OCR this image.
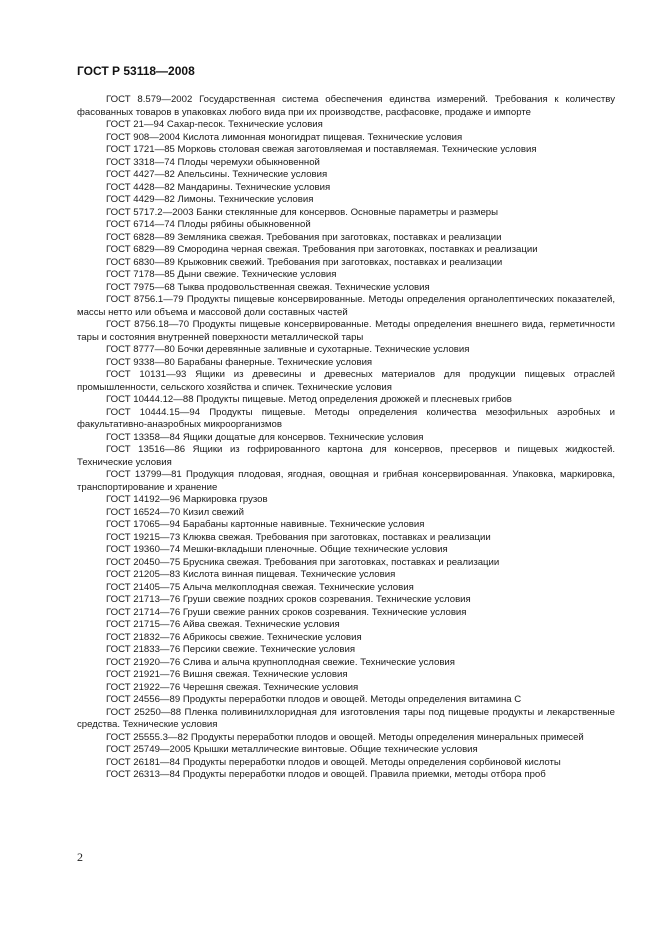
ГОСТ Р 53118—2008

ГОСТ 8.579—2002 Государственная система обеспечения единства измерений. Требования к количеству фасованных товаров в упаковках любого вида при их производстве, расфасовке, продаже и импорте

ГОСТ 21—94 Сахар-песок. Технические условия

ГОСТ 908—2004 Кислота лимонная моногидрат пищевая. Технические условия

ГОСТ 1721—85 Морковь столовая свежая заготовляемая и поставляемая. Технические условия

ГОСТ 3318—74 Плоды черемухи обыкновенной

ГОСТ 4427—82 Апельсины. Технические условия

ГОСТ 4428—82 Мандарины. Технические условия

ГОСТ 4429—82 Лимоны. Технические условия

ГОСТ 5717.2—2003 Банки стеклянные для консервов. Основные параметры и размеры

ГОСТ 6714—74 Плоды рябины обыкновенной

ГОСТ 6828—89 Земляника свежая. Требования при заготовках, поставках и реализации

ГОСТ 6829—89 Смородина черная свежая. Требования при заготовках, поставках и реализации

ГОСТ 6830—89 Крыжовник свежий. Требования при заготовках, поставках и реализации

ГОСТ 7178—85 Дыни свежие. Технические условия

ГОСТ 7975—68 Тыква продовольственная свежая. Технические условия

ГОСТ 8756.1—79 Продукты пищевые консервированные. Методы определения органолептических показателей, массы нетто или объема и массовой доли составных частей

ГОСТ 8756.18—70 Продукты пищевые консервированные. Методы определения внешнего вида, герметичности тары и состояния внутренней поверхности металлической тары

ГОСТ 8777—80 Бочки деревянные заливные и сухотарные. Технические условия

ГОСТ 9338—80 Барабаны фанерные. Технические условия

ГОСТ 10131—93 Ящики из древесины и древесных материалов для продукции пищевых отраслей промышленности, сельского хозяйства и спичек. Технические условия

ГОСТ 10444.12—88 Продукты пищевые. Метод определения дрожжей и плесневых грибов

ГОСТ 10444.15—94 Продукты пищевые. Методы определения количества мезофильных аэробных и факультативно-анаэробных микроорганизмов

ГОСТ 13358—84 Ящики дощатые для консервов. Технические условия

ГОСТ 13516—86 Ящики из гофрированного картона для консервов, пресервов и пищевых жидкостей. Технические условия

ГОСТ 13799—81 Продукция плодовая, ягодная, овощная и грибная консервированная. Упаковка, маркировка, транспортирование и хранение

ГОСТ 14192—96 Маркировка грузов

ГОСТ 16524—70 Кизил свежий

ГОСТ 17065—94 Барабаны картонные навивные. Технические условия

ГОСТ 19215—73 Клюква свежая. Требования при заготовках, поставках и реализации

ГОСТ 19360—74 Мешки-вкладыши пленочные. Общие технические условия

ГОСТ 20450—75 Брусника свежая. Требования при заготовках, поставках и реализации

ГОСТ 21205—83 Кислота винная пищевая. Технические условия

ГОСТ 21405—75 Алыча мелкоплодная свежая. Технические условия

ГОСТ 21713—76 Груши свежие поздних сроков созревания. Технические условия

ГОСТ 21714—76 Груши свежие ранних сроков созревания. Технические условия

ГОСТ 21715—76 Айва свежая. Технические условия

ГОСТ 21832—76 Абрикосы свежие. Технические условия

ГОСТ 21833—76 Персики свежие. Технические условия

ГОСТ 21920—76 Слива и алыча крупноплодная свежие. Технические условия

ГОСТ 21921—76 Вишня свежая. Технические условия

ГОСТ 21922—76 Черешня свежая. Технические условия

ГОСТ 24556—89 Продукты переработки плодов и овощей. Методы определения витамина С

ГОСТ 25250—88 Пленка поливинилхлоридная для изготовления тары под пищевые продукты и лекарственные средства. Технические условия

ГОСТ 25555.3—82 Продукты переработки плодов и овощей. Методы определения минеральных примесей

ГОСТ 25749—2005 Крышки металлические винтовые. Общие технические условия

ГОСТ 26181—84 Продукты переработки плодов и овощей. Методы определения сорбиновой кислоты

ГОСТ 26313—84 Продукты переработки плодов и овощей. Правила приемки, методы отбора проб

2
